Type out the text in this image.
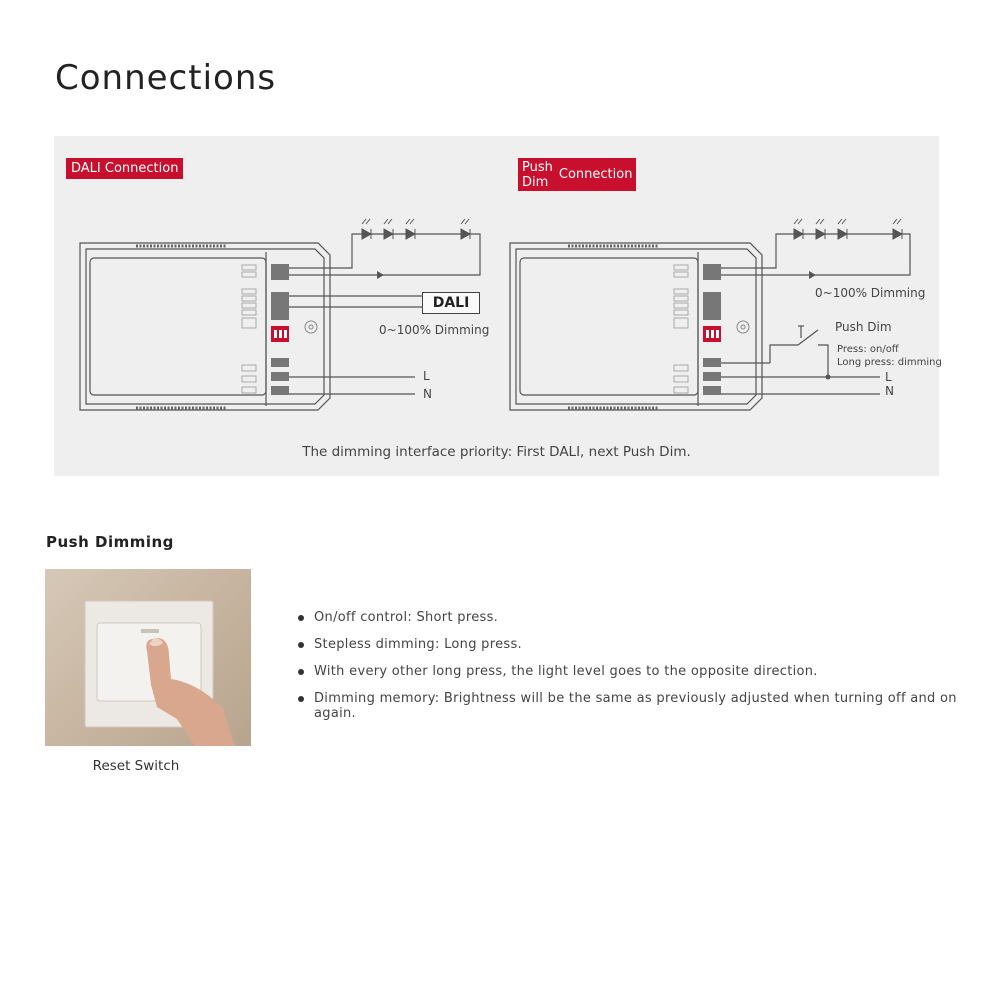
Connections
DALI Connection	Push
Dim Connection
DALI
0~100% Dimming
0~100% Dimming
Push Dim
Press: on/off
Long press: dimming
L
N
L
N
The dimming interface priority: First DALI, next Push Dim.
Push Dimming
Reset Switch
On/off control: Short press.
Stepless dimming: Long press.
With every other long press, the light level goes to the opposite direction.
Dimming memory: Brightness will be the same as previously adjusted when turning off and on again.
